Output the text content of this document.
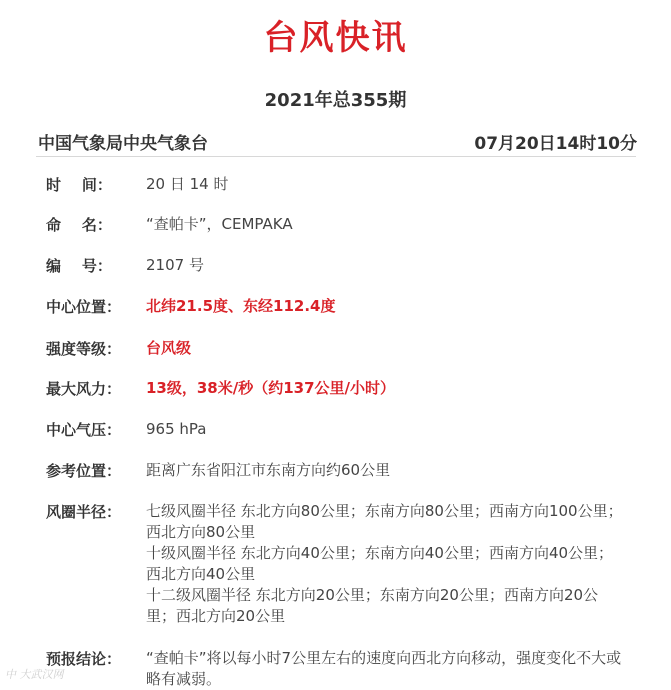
台风快讯
2021年总355期
中国气象局中央气象台	07月20日14时10分
时    间：	20 日 14 时
命    名：	“查帕卡”，CEMPAKA
编    号：	2107 号
中心位置：	北纬21.5度、东经112.4度
强度等级：	台风级
最大风力：	13级，38米/秒（约137公里/小时）
中心气压：	965 hPa
参考位置：	距离广东省阳江市东南方向约60公里
风圈半径：	七级风圈半径 东北方向80公里；东南方向80公里；西南方向100公里；西北方向80公里
十级风圈半径 东北方向40公里；东南方向40公里；西南方向40公里；西北方向40公里
十二级风圈半径 东北方向20公里；东南方向20公里；西南方向20公里；西北方向20公里
预报结论：	“查帕卡”将以每小时7公里左右的速度向西北方向移动，强度变化不大或略有减弱。
中 大武汉网
